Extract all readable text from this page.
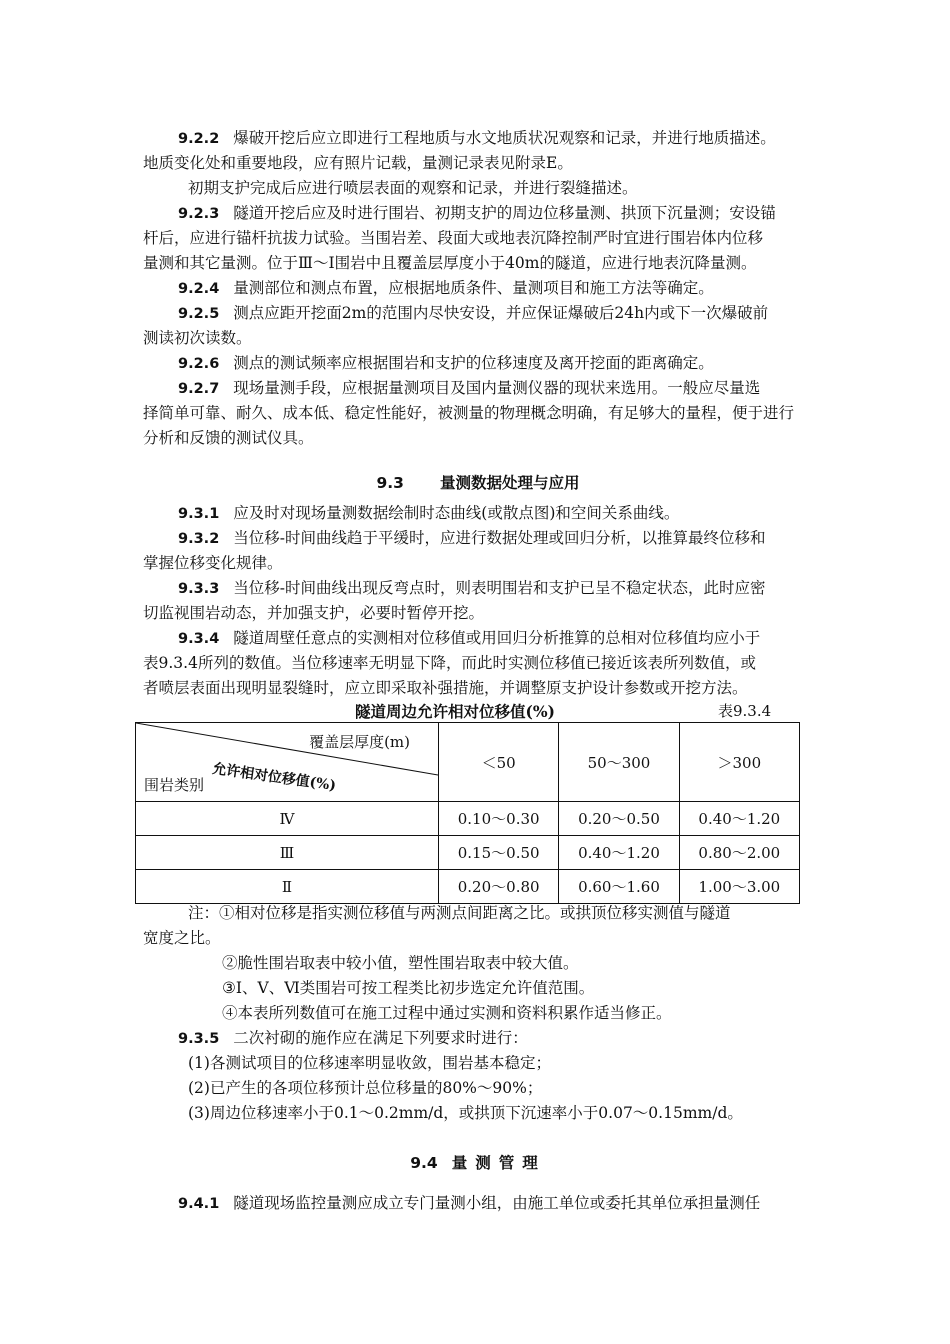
9.2.2 爆破开挖后应立即进行工程地质与水文地质状况观察和记录，并进行地质描述。
地质变化处和重要地段，应有照片记载，量测记录表见附录E。
初期支护完成后应进行喷层表面的观察和记录，并进行裂缝描述。
9.2.3 隧道开挖后应及时进行围岩、初期支护的周边位移量测、拱顶下沉量测；安设锚
杆后，应进行锚杆抗拔力试验。当围岩差、段面大或地表沉降控制严时宜进行围岩体内位移
量测和其它量测。位于Ⅲ～Ⅰ围岩中且覆盖层厚度小于40m的隧道，应进行地表沉降量测。
9.2.4 量测部位和测点布置，应根据地质条件、量测项目和施工方法等确定。
9.2.5 测点应距开挖面2m的范围内尽快安设，并应保证爆破后24h内或下一次爆破前
测读初次读数。
9.2.6 测点的测试频率应根据围岩和支护的位移速度及离开挖面的距离确定。
9.2.7 现场量测手段，应根据量测项目及国内量测仪器的现状来选用。一般应尽量选
择简单可靠、耐久、成本低、稳定性能好，被测量的物理概念明确，有足够大的量程，便于进行
分析和反馈的测试仪具。
9.3 量测数据处理与应用
9.3.1 应及时对现场量测数据绘制时态曲线(或散点图)和空间关系曲线。
9.3.2 当位移-时间曲线趋于平缓时，应进行数据处理或回归分析，以推算最终位移和
掌握位移变化规律。
9.3.3 当位移-时间曲线出现反弯点时，则表明围岩和支护已呈不稳定状态，此时应密
切监视围岩动态，并加强支护，必要时暂停开挖。
9.3.4 隧道周壁任意点的实测相对位移值或用回归分析推算的总相对位移值均应小于
表9.3.4所列的数值。当位移速率无明显下降，而此时实测位移值已接近该表所列数值，或
者喷层表面出现明显裂缝时，应立即采取补强措施，并调整原支护设计参数或开挖方法。
隧道周边允许相对位移值(%)	表9.3.4
覆盖层厚度(m)
允许相对位移值(%)
围岩类别	＜50	50～300	＞300
Ⅳ	0.10～0.30	0.20～0.50	0.40～1.20
Ⅲ	0.15～0.50	0.40～1.20	0.80～2.00
Ⅱ	0.20～0.80	0.60～1.60	1.00～3.00
注：①相对位移是指实测位移值与两测点间距离之比。或拱顶位移实测值与隧道
宽度之比。
②脆性围岩取表中较小值，塑性围岩取表中较大值。
③Ⅰ、Ⅴ、Ⅵ类围岩可按工程类比初步选定允许值范围。
④本表所列数值可在施工过程中通过实测和资料积累作适当修正。
9.3.5 二次衬砌的施作应在满足下列要求时进行：
(1)各测试项目的位移速率明显收敛，围岩基本稳定；
(2)已产生的各项位移预计总位移量的80%～90%；
(3)周边位移速率小于0.1～0.2mm/d，或拱顶下沉速率小于0.07～0.15mm/d。
9.4 量测管理
9.4.1 隧道现场监控量测应成立专门量测小组，由施工单位或委托其单位承担量测任
